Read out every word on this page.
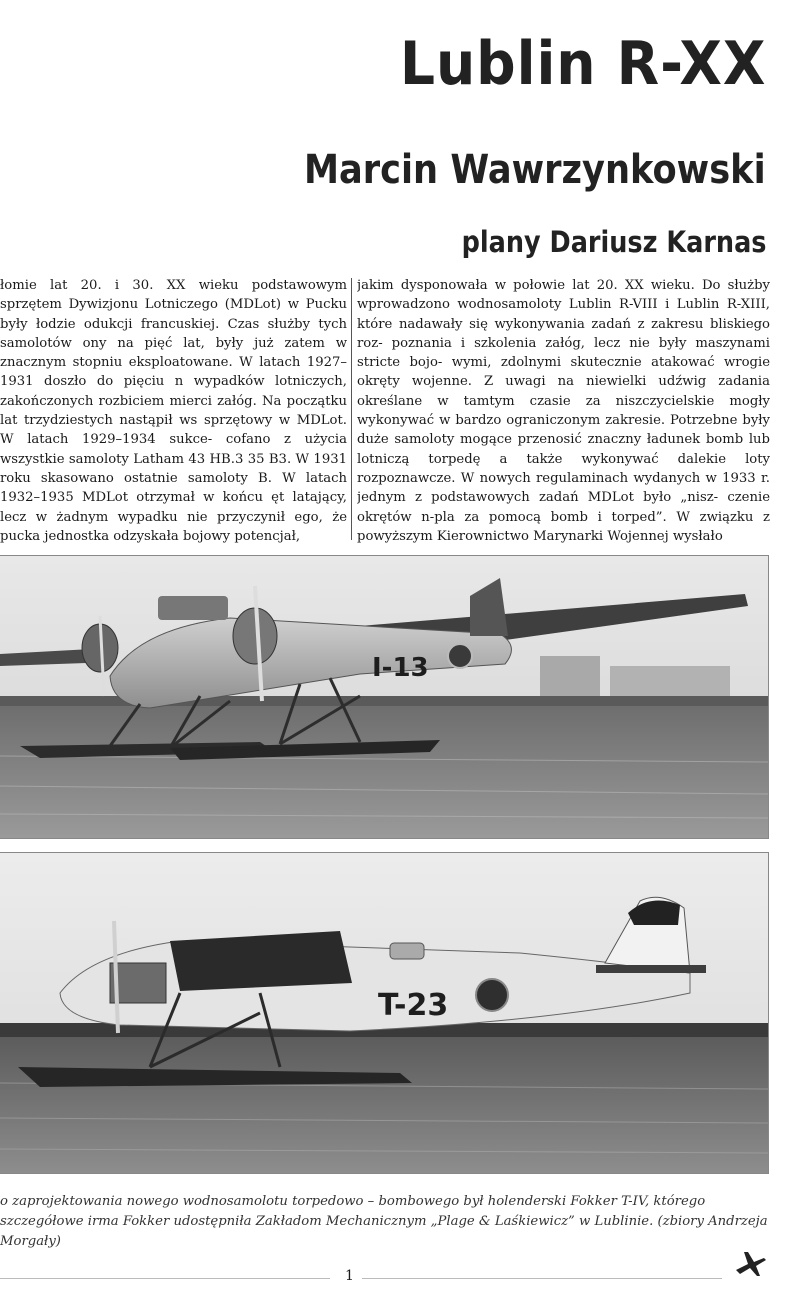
Lublin R-XX
Marcin Wawrzynkowski
plany Dariusz Karnas
łomie lat 20. i 30. XX wieku podstawowym sprzętem Dywizjonu Lotniczego (MDLot) w Pucku były łodzie odukcji francuskiej. Czas służby tych samolotów ony na pięć lat, były już zatem w znacznym stopniu eksploatowane. W latach 1927–1931 doszło do pięciu n wypadków lotniczych, zakończonych rozbiciem mierci załóg. Na początku lat trzydziestych nastąpił ws sprzętowy w MDLot. W latach 1929–1934 sukce- cofano z użycia wszystkie samoloty Latham 43 HB.3 35 B3. W 1931 roku skasowano ostatnie samoloty B. W latach 1932–1935 MDLot otrzymał w końcu ęt latający, lecz w żadnym wypadku nie przyczynił ego, że pucka jednostka odzyskała bojowy potencjał,
jakim dysponowała w połowie lat 20. XX wieku. Do służby wprowadzono wodnosamoloty Lublin R-VIII i Lublin R-XIII, które nadawały się wykonywania zadań z zakresu bliskiego roz- poznania i szkolenia załóg, lecz nie były maszynami stricte bojo- wymi, zdolnymi skutecznie atakować wrogie okręty wojenne. Z uwagi na niewielki udźwig zadania określane w tamtym czasie za niszczycielskie mogły wykonywać w bardzo ograniczonym zakresie. Potrzebne były duże samoloty mogące przenosić znaczny ładunek bomb lub lotniczą torpedę a także wykonywać dalekie loty rozpoznawcze. W nowych regulaminach wydanych w 1933 r. jednym z podstawowych zadań MDLot było „nisz- czenie okrętów n-pla za pomocą bomb i torped”. W związku z powyższym Kierownictwo Marynarki Wojennej wysłało
I-13
T-23

o zaprojektowania nowego wodnosamolotu torpedowo – bombowego był holenderski Fokker T-IV, którego szczegółowe irma Fokker udostępniła Zakładom Mechanicznym „Plage & Laśkiewicz” w Lublinie. (zbiory Andrzeja Morgały)

1
